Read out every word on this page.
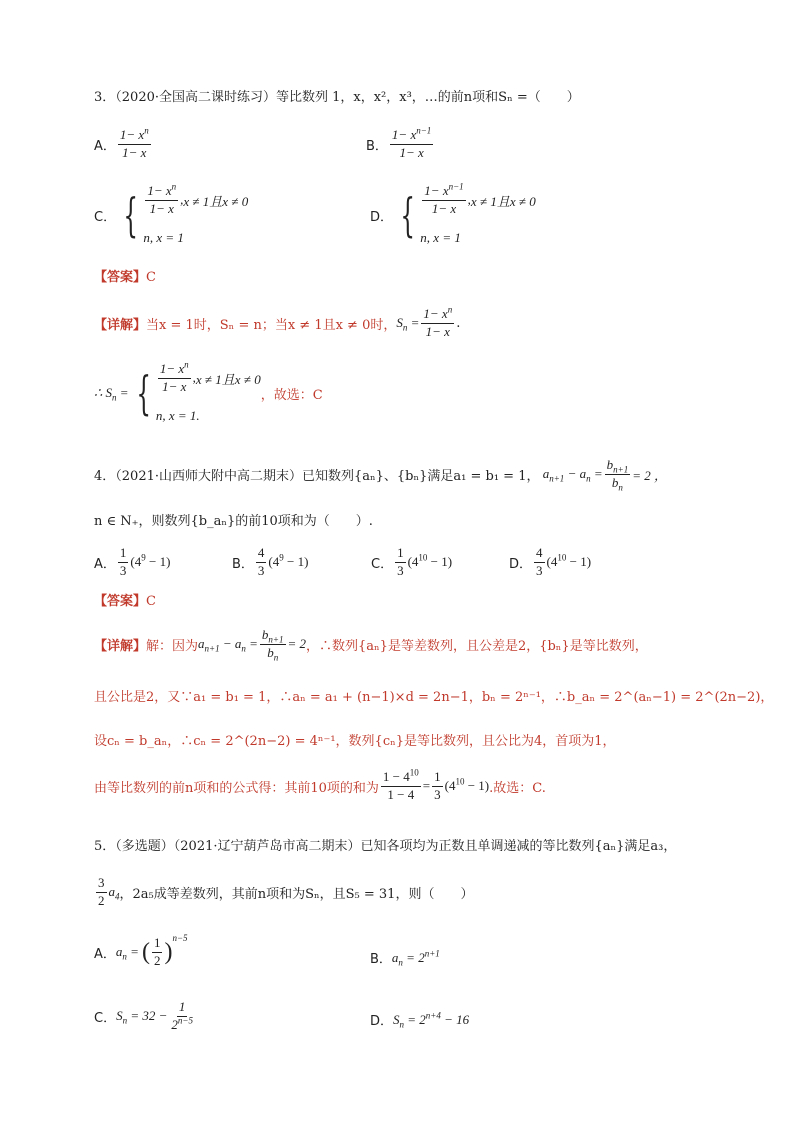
3．（2020·全国高二课时练习）等比数列 1，x，x²，x³，…的前n项和Sₙ =（　　）
A． $\frac{1- x^n}{1- x}$	B． $\frac{1- x^{n-1}}{1- x}$
C． { $\frac{1- x^n}{1- x}$ , x ≠ 1且x ≠ 0
n, x = 1
D． { $\frac{1- x^{n-1}}{1- x}$ , x ≠ 1且x ≠ 0
n, x = 1
【答案】C
【详解】 当x = 1时，Sₙ = n；当x ≠ 1且x ≠ 0时， $S_n = \frac{1- x^n}{1- x}$ .
∴ $S_n$ = { $\frac{1- x^n}{1- x}$ , x ≠ 1且x ≠ 0
n, x = 1.
，故选：C
4．（2021·山西师大附中高二期末）已知数列{aₙ}、{bₙ}满足a₁ = b₁ = 1， $a_{n+1} - a_n = \frac{b_{n+1}}{b_n} = 2$ ，
n ∈ N₊，则数列{b_aₙ}的前10项和为（　　）.
A． $\frac{1}{3} (4^9 - 1)$	B． $\frac{4}{3} (4^9 - 1)$	C． $\frac{1}{3} (4^{10} - 1)$	D． $\frac{4}{3} (4^{10} - 1)$
【答案】C
【详解】 解：因为 $a_{n+1} - a_n = \frac{b_{n+1}}{b_n} = 2$ ，∴数列{aₙ}是等差数列，且公差是2，{bₙ}是等比数列，
且公比是2，又∵a₁ = b₁ = 1，∴aₙ = a₁ + (n−1)×d = 2n−1，bₙ = 2ⁿ⁻¹，∴b_aₙ = 2^(aₙ−1) = 2^(2n−2)，
设cₙ = b_aₙ，∴cₙ = 2^(2n−2) = 4ⁿ⁻¹，数列{cₙ}是等比数列，且公比为4，首项为1，
由等比数列的前n项和的公式得：其前10项的和为 $\frac{1 - 4^{10}}{1 - 4} = \frac{1}{3} (4^{10} - 1)$ .故选：C.
5．（多选题）（2021·辽宁葫芦岛市高二期末）已知各项均为正数且单调递减的等比数列{aₙ}满足a₃，
$\frac{3}{2} a_4$ ，2a₅成等差数列，其前n项和为Sₙ，且S₅ = 31，则（　　）
A． $a_n$ = ( $\frac{1}{2}$ )
$^{n-5}$
B． $a_n = 2^{n+1}$
C． $S_n = 32 - \frac{1}{2^{n-5}}$	D． $S_n = 2^{n+4} - 16$
